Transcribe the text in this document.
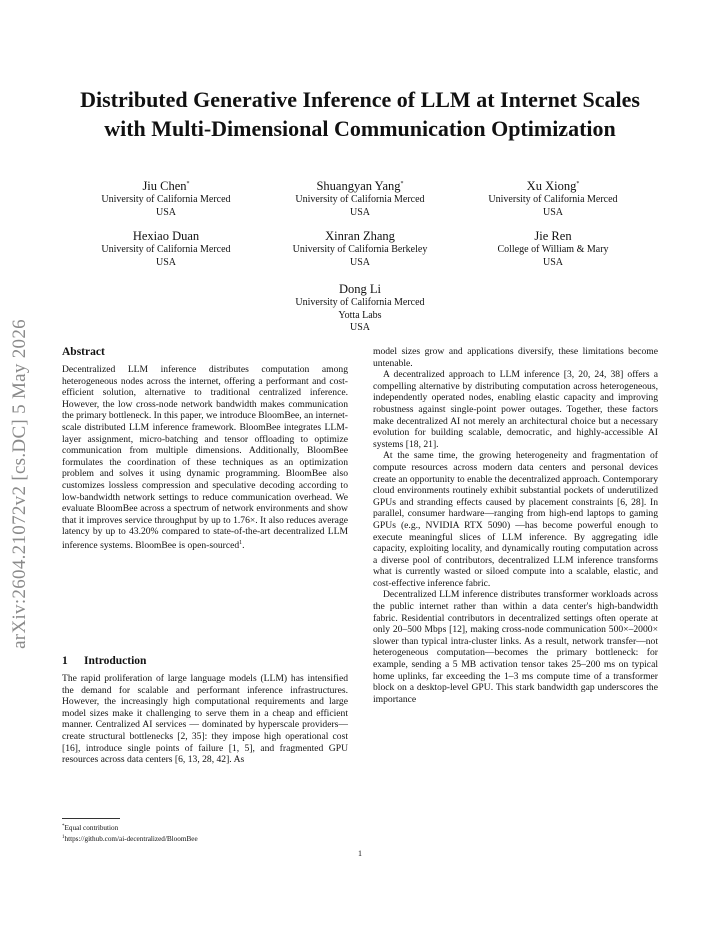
arXiv:2604.21072v2 [cs.DC] 5 May 2026
Distributed Generative Inference of LLM at Internet Scales with Multi-Dimensional Communication Optimization
Jiu Chen*
University of California Merced
USA
Shuangyan Yang*
University of California Merced
USA
Xu Xiong*
University of California Merced
USA
Hexiao Duan
University of California Merced
USA
Xinran Zhang
University of California Berkeley
USA
Jie Ren
College of William & Mary
USA
Dong Li
University of California Merced
Yotta Labs
USA
Abstract

Decentralized LLM inference distributes computation among heterogeneous nodes across the internet, offering a performant and cost-efficient solution, alternative to traditional centralized inference. However, the low cross-node network bandwidth makes communication the primary bottleneck. In this paper, we introduce BloomBee, an internet-scale distributed LLM inference framework. BloomBee integrates LLM-layer assignment, micro-batching and tensor offloading to optimize communication from multiple dimensions. Additionally, BloomBee formulates the coordination of these techniques as an optimization problem and solves it using dynamic programming. BloomBee also customizes lossless compression and speculative decoding according to low-bandwidth network settings to reduce communication overhead. We evaluate BloomBee across a spectrum of network environments and show that it improves service throughput by up to 1.76×. It also reduces average latency by up to 43.20% compared to state-of-the-art decentralized LLM inference systems. BloomBee is open-sourced$^1$.

1 Introduction

The rapid proliferation of large language models (LLM) has intensified the demand for scalable and performant inference infrastructures. However, the increasingly high computational requirements and large model sizes make it challenging to serve them in a cheap and efficient manner. Centralized AI services — dominated by hyperscale providers—create structural bottlenecks [2, 35]: they impose high operational cost [16], introduce single points of failure [1, 5], and fragmented GPU resources across data centers [6, 13, 28, 42]. As

model sizes grow and applications diversify, these limitations become untenable.

A decentralized approach to LLM inference [3, 20, 24, 38] offers a compelling alternative by distributing computation across heterogeneous, independently operated nodes, enabling elastic capacity and improving robustness against single-point power outages. Together, these factors make decentralized AI not merely an architectural choice but a necessary evolution for building scalable, democratic, and highly-accessible AI systems [18, 21].

At the same time, the growing heterogeneity and fragmentation of compute resources across modern data centers and personal devices create an opportunity to enable the decentralized approach. Contemporary cloud environments routinely exhibit substantial pockets of underutilized GPUs and stranding effects caused by placement constraints [6, 28]. In parallel, consumer hardware—ranging from high-end laptops to gaming GPUs (e.g., NVIDIA RTX 5090) —has become powerful enough to execute meaningful slices of LLM inference. By aggregating idle capacity, exploiting locality, and dynamically routing computation across a diverse pool of contributors, decentralized LLM inference transforms what is currently wasted or siloed compute into a scalable, elastic, and cost-effective inference fabric.

Decentralized LLM inference distributes transformer workloads across the public internet rather than within a data center's high-bandwidth fabric. Residential contributors in decentralized settings often operate at only 20–500 Mbps [12], making cross-node communication 500×–2000× slower than typical intra-cluster links. As a result, network transfer—not heterogeneous computation—becomes the primary bottleneck: for example, sending a 5 MB activation tensor takes 25–200 ms on typical home uplinks, far exceeding the 1–3 ms compute time of a transformer block on a desktop-level GPU. This stark bandwidth gap underscores the importance

*Equal contribution
$^1$https://github.com/ai-decentralized/BloomBee
1
